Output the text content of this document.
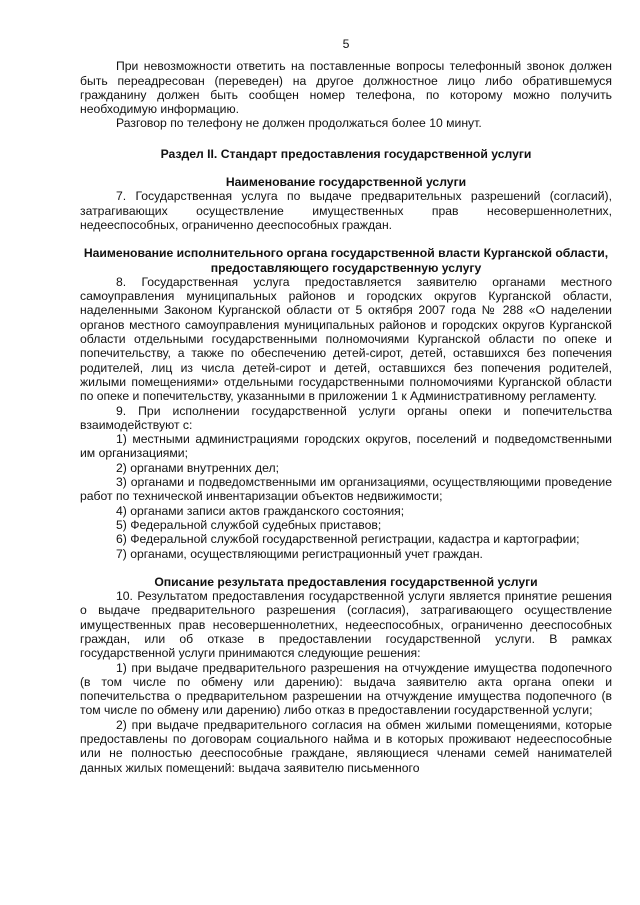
5

При невозможности ответить на поставленные вопросы телефонный звонок должен быть переадресован (переведен) на другое должностное лицо либо обратившемуся гражданину должен быть сообщен номер телефона, по которому можно получить необходимую информацию.

Разговор по телефону не должен продолжаться более 10 минут.

Раздел II. Стандарт предоставления государственной услуги

Наименование государственной услуги

7. Государственная услуга по выдаче предварительных разрешений (согласий), затрагивающих осуществление имущественных прав несовершеннолетних, недееспособных, ограниченно дееспособных граждан.

Наименование исполнительного органа государственной власти Курганской области, предоставляющего государственную услугу

8. Государственная услуга предоставляется заявителю органами местного самоуправления муниципальных районов и городских округов Курганской области, наделенными Законом Курганской области от 5 октября 2007 года № 288 «О наделении органов местного самоуправления муниципальных районов и городских округов Курганской области отдельными государственными полномочиями Курганской области по опеке и попечительству, а также по обеспечению детей-сирот, детей, оставшихся без попечения родителей, лиц из числа детей-сирот и детей, оставшихся без попечения родителей, жилыми помещениями» отдельными государственными полномочиями Курганской области по опеке и попечительству, указанными в приложении 1 к Административному регламенту.

9. При исполнении государственной услуги органы опеки и попечительства взаимодействуют с:

1) местными администрациями городских округов, поселений и подведомственными им организациями;

2) органами внутренних дел;

3) органами и подведомственными им организациями, осуществляющими проведение работ по технической инвентаризации объектов недвижимости;

4) органами записи актов гражданского состояния;

5) Федеральной службой судебных приставов;

6) Федеральной службой государственной регистрации, кадастра и картографии;

7) органами, осуществляющими регистрационный учет граждан.

Описание результата предоставления государственной услуги

10. Результатом предоставления государственной услуги является принятие решения о выдаче предварительного разрешения (согласия), затрагивающего осуществление имущественных прав несовершеннолетних, недееспособных, ограниченно дееспособных граждан, или об отказе в предоставлении государственной услуги. В рамках государственной услуги принимаются следующие решения:

1) при выдаче предварительного разрешения на отчуждение имущества подопечного (в том числе по обмену или дарению): выдача заявителю акта органа опеки и попечительства о предварительном разрешении на отчуждение имущества подопечного (в том числе по обмену или дарению) либо отказ в предоставлении государственной услуги;

2) при выдаче предварительного согласия на обмен жилыми помещениями, которые предоставлены по договорам социального найма и в которых проживают недееспособные или не полностью дееспособные граждане, являющиеся членами семей нанимателей данных жилых помещений: выдача заявителю письменного
